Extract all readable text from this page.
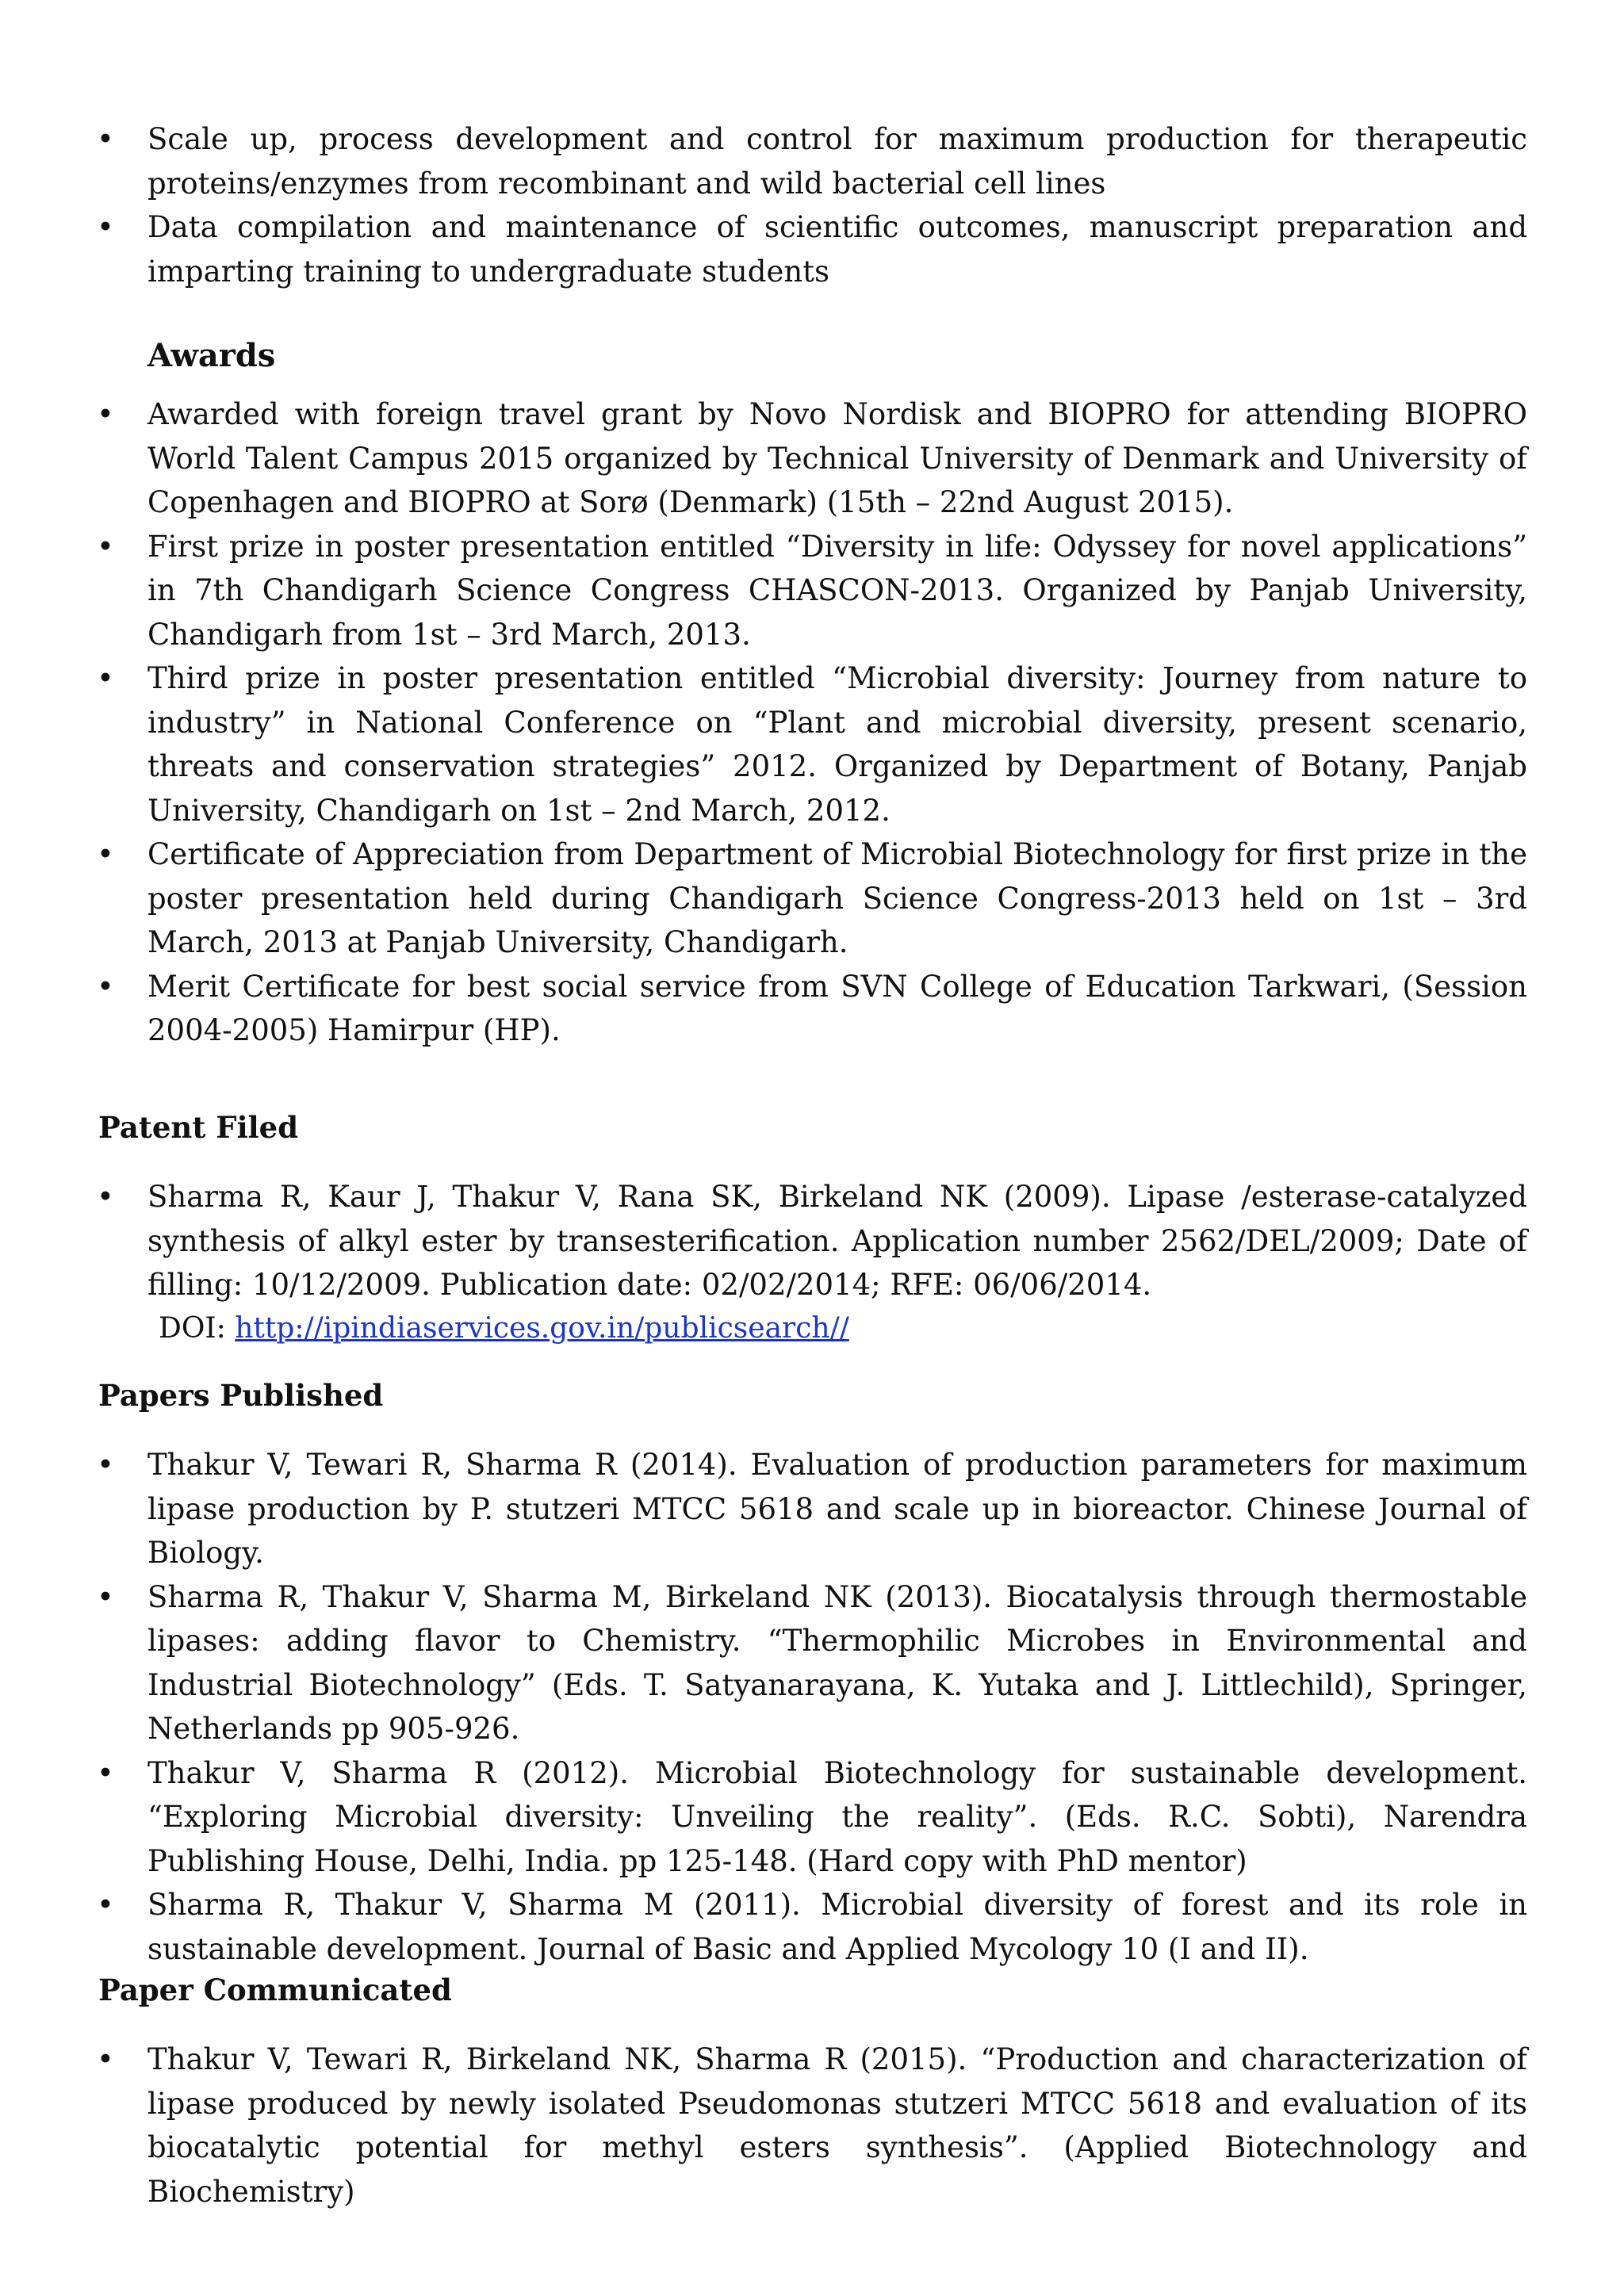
• Scale up, process development and control for maximum production for therapeutic proteins/enzymes from recombinant and wild bacterial cell lines
• Data compilation and maintenance of scientific outcomes, manuscript preparation and imparting training to undergraduate students
Awards
• Awarded with foreign travel grant by Novo Nordisk and BIOPRO for attending BIOPRO World Talent Campus 2015 organized by Technical University of Denmark and University of Copenhagen and BIOPRO at Sorø (Denmark) (15th – 22nd August 2015).
• First prize in poster presentation entitled “Diversity in life: Odyssey for novel applications” in 7th Chandigarh Science Congress CHASCON-2013. Organized by Panjab University, Chandigarh from 1st – 3rd March, 2013.
• Third prize in poster presentation entitled “Microbial diversity: Journey from nature to industry” in National Conference on “Plant and microbial diversity, present scenario, threats and conservation strategies” 2012. Organized by Department of Botany, Panjab University, Chandigarh on 1st – 2nd March, 2012.
• Certificate of Appreciation from Department of Microbial Biotechnology for first prize in the poster presentation held during Chandigarh Science Congress-2013 held on 1st – 3rd March, 2013 at Panjab University, Chandigarh.
• Merit Certificate for best social service from SVN College of Education Tarkwari, (Session 2004-2005) Hamirpur (HP).
Patent Filed
• Sharma R, Kaur J, Thakur V, Rana SK, Birkeland NK (2009). Lipase /esterase-catalyzed synthesis of alkyl ester by transesterification. Application number 2562/DEL/2009; Date of filling: 10/12/2009. Publication date: 02/02/2014; RFE: 06/06/2014.
DOI: http://ipindiaservices.gov.in/publicsearch//
Papers Published
• Thakur V, Tewari R, Sharma R (2014). Evaluation of production parameters for maximum lipase production by P. stutzeri MTCC 5618 and scale up in bioreactor. Chinese Journal of Biology.
• Sharma R, Thakur V, Sharma M, Birkeland NK (2013). Biocatalysis through thermostable lipases: adding flavor to Chemistry. “Thermophilic Microbes in Environmental and Industrial Biotechnology” (Eds. T. Satyanarayana, K. Yutaka and J. Littlechild), Springer, Netherlands pp 905-926.
• Thakur V, Sharma R (2012). Microbial Biotechnology for sustainable development. “Exploring Microbial diversity: Unveiling the reality”. (Eds. R.C. Sobti), Narendra Publishing House, Delhi, India. pp 125-148. (Hard copy with PhD mentor)
• Sharma R, Thakur V, Sharma M (2011). Microbial diversity of forest and its role in sustainable development. Journal of Basic and Applied Mycology 10 (I and II).
Paper Communicated
• Thakur V, Tewari R, Birkeland NK, Sharma R (2015). “Production and characterization of lipase produced by newly isolated Pseudomonas stutzeri MTCC 5618 and evaluation of its biocatalytic potential for methyl esters synthesis”. (Applied Biotechnology and Biochemistry)
